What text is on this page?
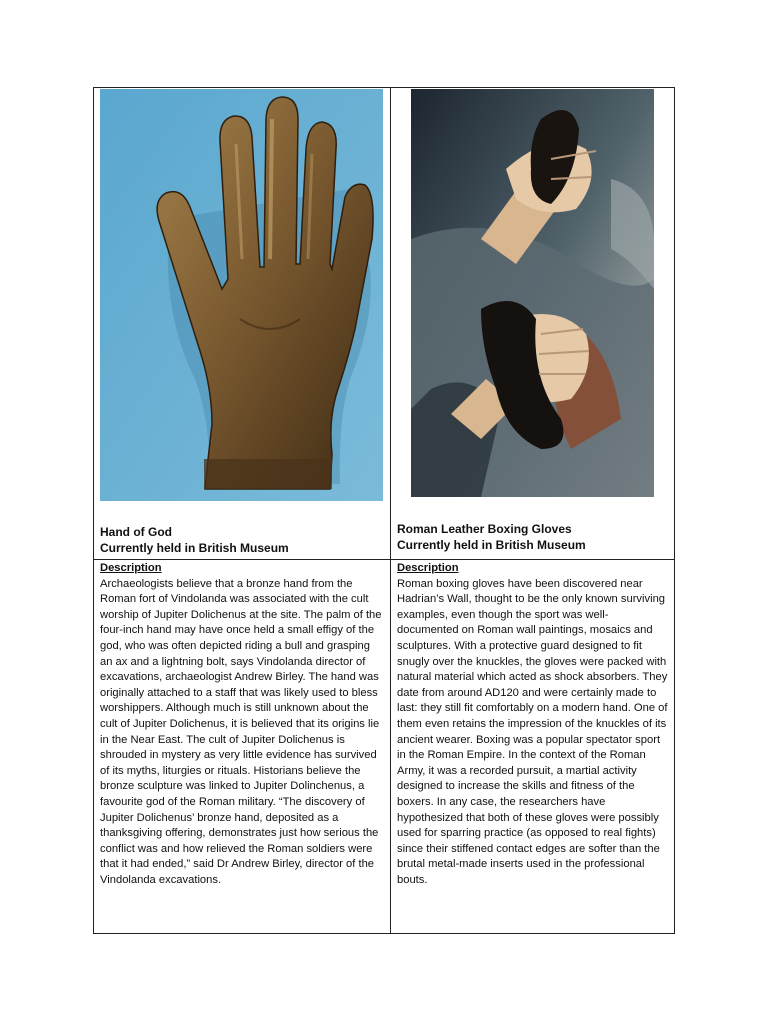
Hand of God
Currently held in British Museum
Roman Leather Boxing Gloves
Currently held in British Museum
Description

Archaeologists believe that a bronze hand from the Roman fort of Vindolanda was associated with the cult worship of Jupiter Dolichenus at the site. The palm of the four-inch hand may have once held a small effigy of the god, who was often depicted riding a bull and grasping an ax and a lightning bolt, says Vindolanda director of excavations, archaeologist Andrew Birley. The hand was originally attached to a staff that was likely used to bless worshippers. Although much is still unknown about the cult of Jupiter Dolichenus, it is believed that its origins lie in the Near East. The cult of Jupiter Dolichenus is shrouded in mystery as very little evidence has survived of its myths, liturgies or rituals. Historians believe the bronze sculpture was linked to Jupiter Dolinchenus, a favourite god of the Roman military. “The discovery of Jupiter Dolichenus’ bronze hand, deposited as a thanksgiving offering, demonstrates just how serious the conflict was and how relieved the Roman soldiers were that it had ended,” said Dr Andrew Birley, director of the Vindolanda excavations.

Description

Roman boxing gloves have been discovered near Hadrian’s Wall, thought to be the only known surviving examples, even though the sport was well- documented on Roman wall paintings, mosaics and sculptures. With a protective guard designed to fit snugly over the knuckles, the gloves were packed with natural material which acted as shock absorbers. They date from around AD120 and were certainly made to last: they still fit comfortably on a modern hand. One of them even retains the impression of the knuckles of its ancient wearer. Boxing was a popular spectator sport in the Roman Empire. In the context of the Roman Army, it was a recorded pursuit, a martial activity designed to increase the skills and fitness of the boxers. In any case, the researchers have hypothesized that both of these gloves were possibly used for sparring practice (as opposed to real fights) since their stiffened contact edges are softer than the brutal metal-made inserts used in the professional bouts.
